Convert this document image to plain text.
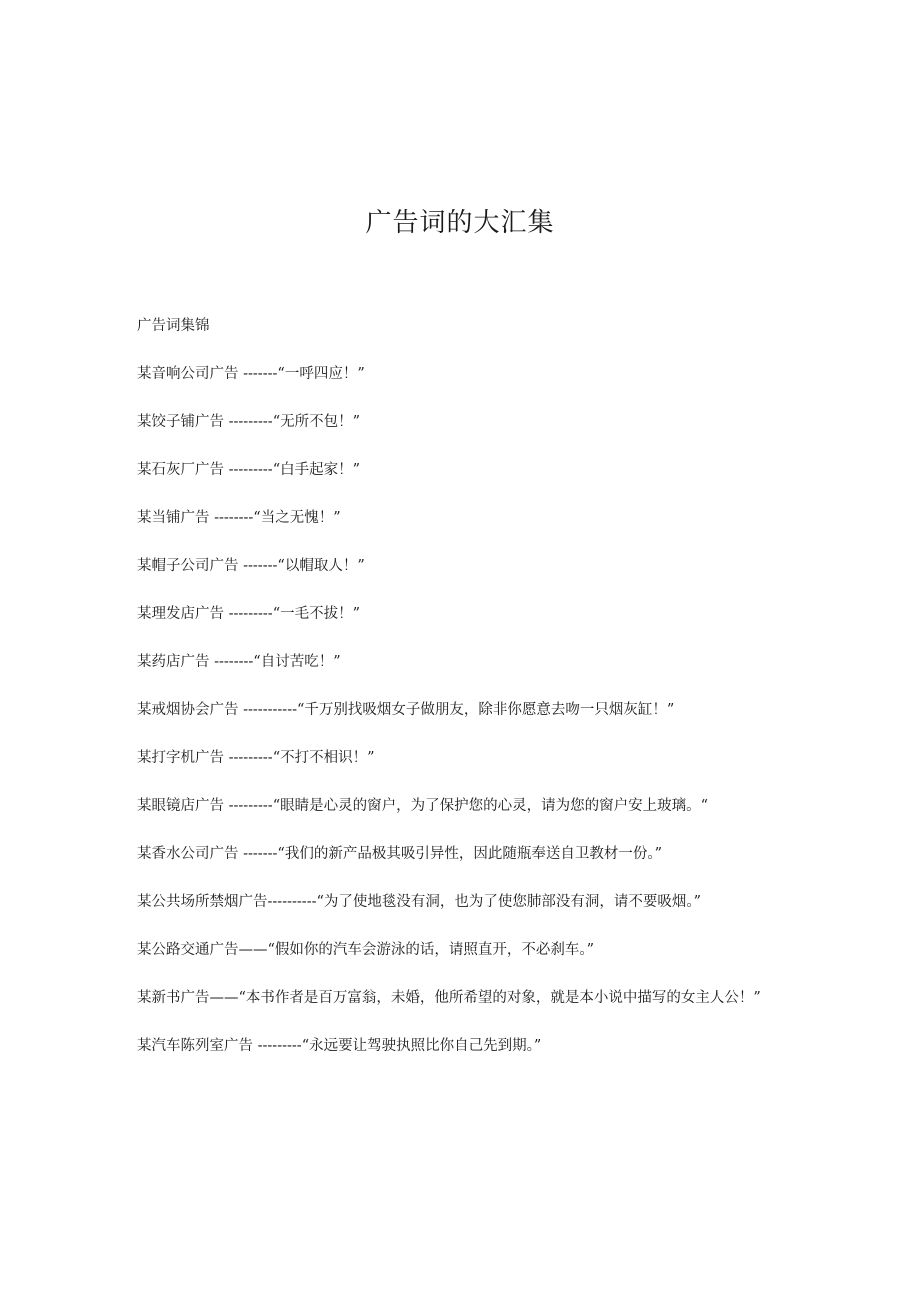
广告词的大汇集

广告词集锦

某音响公司广告 -------“一呼四应！”
某饺子铺广告 ---------“无所不包！”
某石灰厂广告 ---------“白手起家！”
某当铺广告 --------“当之无愧！”
某帽子公司广告 -------“以帽取人！”
某理发店广告 ---------“一毛不拔！”
某药店广告 --------“自讨苦吃！”
某戒烟协会广告 -----------“千万别找吸烟女子做朋友，除非你愿意去吻一只烟灰缸！”
某打字机广告 ---------“不打不相识！”
某眼镜店广告 ---------“眼睛是心灵的窗户，为了保护您的心灵，请为您的窗户安上玻璃。“
某香水公司广告 -------“我们的新产品极其吸引异性，因此随瓶奉送自卫教材一份。”
某公共场所禁烟广告----------“为了使地毯没有洞，也为了使您肺部没有洞，请不要吸烟。”
某公路交通广告——“假如你的汽车会游泳的话，请照直开，不必刹车。”
某新书广告——“本书作者是百万富翁，未婚，他所希望的对象，就是本小说中描写的女主人公！”
某汽车陈列室广告 ---------“永远要让驾驶执照比你自己先到期。”
